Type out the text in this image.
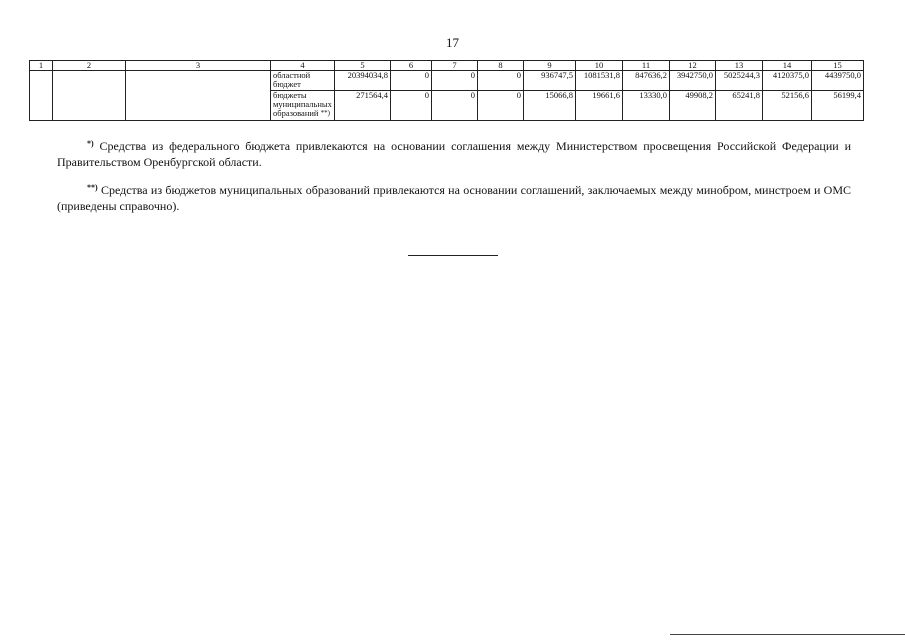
17
1	2	3	4	5	6	7	8	9	10	11	12	13	14	15
			областной бюджет	20394034,8	0	0	0	936747,5	1081531,8	847636,2	3942750,0	5025244,3	4120375,0	4439750,0
			бюджеты муниципальных образований **)	271564,4	0	0	0	15066,8	19661,6	13330,0	49908,2	65241,8	52156,6	56199,4

*) Средства из федерального бюджета привлекаются на основании соглашения между Министерством просвещения Российской Федерации и Правительством Оренбургской области.

**) Средства из бюджетов муниципальных образований привлекаются на основании соглашений, заключаемых между минобром, минстроем и ОМС (приведены справочно).
